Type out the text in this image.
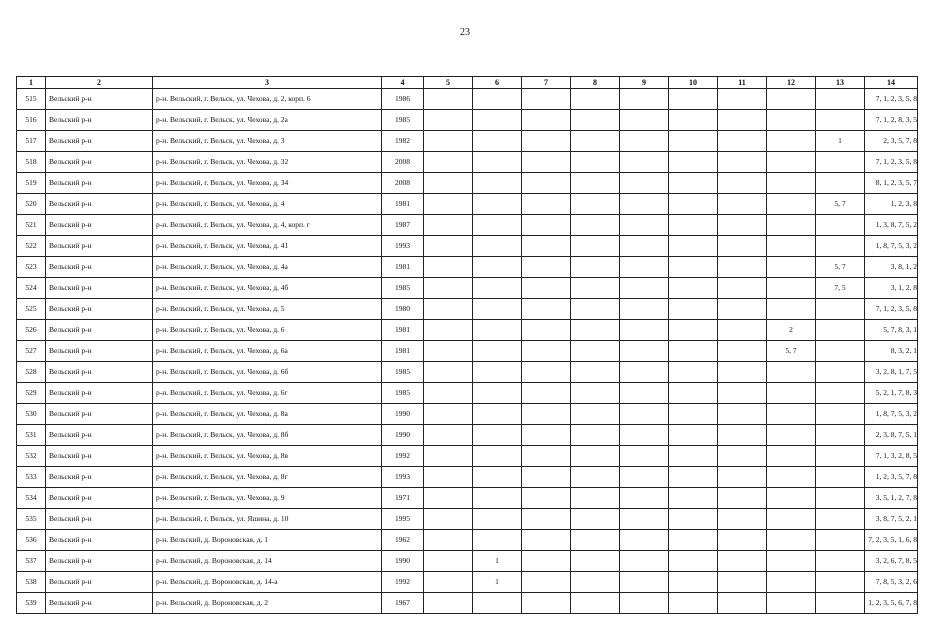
23
1	2	3	4	5	6	7	8	9	10	11	12	13	14
515	Вельский р-н	р-н. Вельский, г. Вельск, ул. Чехова, д. 2, корп. 6	1986										7, 1, 2, 3, 5, 8
516	Вельский р-н	р-н. Вельский, г. Вельск, ул. Чехова, д. 2а	1985										7, 1, 2, 8, 3, 5
517	Вельский р-н	р-н. Вельский, г. Вельск, ул. Чехова, д. 3	1982									1	2, 3, 5, 7, 8
518	Вельский р-н	р-н. Вельский, г. Вельск, ул. Чехова, д. 32	2008										7, 1, 2, 3, 5, 8
519	Вельский р-н	р-н. Вельский, г. Вельск, ул. Чехова, д. 34	2008										8, 1, 2, 3, 5, 7
520	Вельский р-н	р-н. Вельский, г. Вельск, ул. Чехова, д. 4	1981									5, 7	1, 2, 3, 8
521	Вельский р-н	р-н. Вельский, г. Вельск, ул. Чехова, д. 4, корп. г	1987										1, 3, 8, 7, 5, 2
522	Вельский р-н	р-н. Вельский, г. Вельск, ул. Чехова, д. 41	1993										1, 8, 7, 5, 3, 2
523	Вельский р-н	р-н. Вельский, г. Вельск, ул. Чехова, д. 4а	1981									5, 7	3, 8, 1, 2
524	Вельский р-н	р-н. Вельский, г. Вельск, ул. Чехова, д. 4б	1985									7, 5	3, 1, 2, 8
525	Вельский р-н	р-н. Вельский, г. Вельск, ул. Чехова, д. 5	1980										7, 1, 2, 3, 5, 8
526	Вельский р-н	р-н. Вельский, г. Вельск, ул. Чехова, д. 6	1981								2		5, 7, 8, 3, 1
527	Вельский р-н	р-н. Вельский, г. Вельск, ул. Чехова, д. 6а	1981								5, 7		8, 3, 2, 1
528	Вельский р-н	р-н. Вельский, г. Вельск, ул. Чехова, д. 6б	1985										3, 2, 8, 1, 7, 5
529	Вельский р-н	р-н. Вельский, г. Вельск, ул. Чехова, д. 6г	1985										5, 2, 1, 7, 8, 3
530	Вельский р-н	р-н. Вельский, г. Вельск, ул. Чехова, д. 8а	1990										1, 8, 7, 5, 3, 2
531	Вельский р-н	р-н. Вельский, г. Вельск, ул. Чехова, д. 8б	1990										2, 3, 8, 7, 5, 1
532	Вельский р-н	р-н. Вельский, г. Вельск, ул. Чехова, д. 8в	1992										7, 1, 3, 2, 8, 5
533	Вельский р-н	р-н. Вельский, г. Вельск, ул. Чехова, д. 8г	1993										1, 2, 3, 5, 7, 8
534	Вельский р-н	р-н. Вельский, г. Вельск, ул. Чехова, д. 9	1971										3, 5, 1, 2, 7, 8
535	Вельский р-н	р-н. Вельский, г. Вельск, ул. Яшина, д. 10	1995										3, 8, 7, 5, 2, 1
536	Вельский р-н	р-н. Вельский, д. Вороновская, д. 1	1962										7, 2, 3, 5, 1, 6, 8
537	Вельский р-н	р-н. Вельский, д. Вороновская, д. 14	1990		1								3, 2, 6, 7, 8, 5
538	Вельский р-н	р-н. Вельский, д. Вороновская, д. 14-а	1992		1								7, 8, 5, 3, 2, 6
539	Вельский р-н	р-н. Вельский, д. Вороновская, д. 2	1967										1, 2, 3, 5, 6, 7, 8
